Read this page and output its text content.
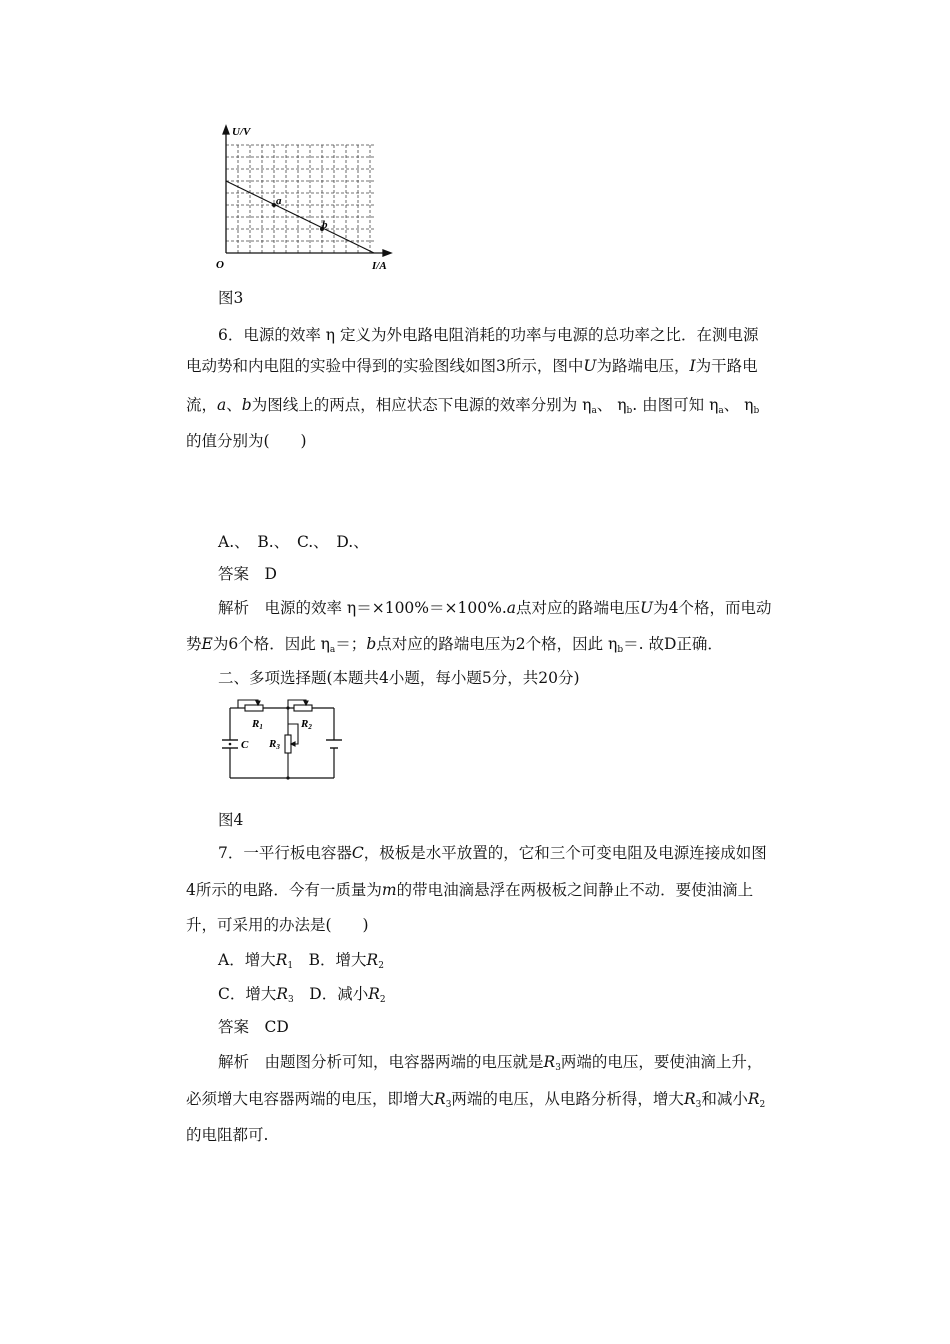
U/V
I/A
O
a
b
图3
6．电源的效率 η 定义为外电路电阻消耗的功率与电源的总功率之比．在测电源
电动势和内电阻的实验中得到的实验图线如图3所示，图中U为路端电压，I为干路电
流，a、b为图线上的两点，相应状态下电源的效率分别为 $\eta_a$、 $\eta_b$. 由图可知 $\eta_a$、 $\eta_b$
的值分别为(　　)
A.、　B.、　C.、　D.、
答案　D
解析　电源的效率 η＝×100%＝×100%.a点对应的路端电压U为4个格，而电动
势E为6个格．因此 $\eta_a=$；b点对应的路端电压为2个格，因此 $\eta_b=$. 故D正确．
二、多项选择题(本题共4小题，每小题5分，共20分)
R1	R2
R3
C
图4
7．一平行板电容器C，极板是水平放置的，它和三个可变电阻及电源连接成如图
4所示的电路．今有一质量为m的带电油滴悬浮在两极板之间静止不动．要使油滴上
升，可采用的办法是(　　)
A．增大$R_1$　 B．增大$R_2$
C．增大$R_3$　 D．减小$R_2$
答案　CD
解析　由题图分析可知，电容器两端的电压就是$R_3$两端的电压，要使油滴上升，
必须增大电容器两端的电压，即增大$R_3$两端的电压，从电路分析得，增大$R_3$和减小$R_2$
的电阻都可.
